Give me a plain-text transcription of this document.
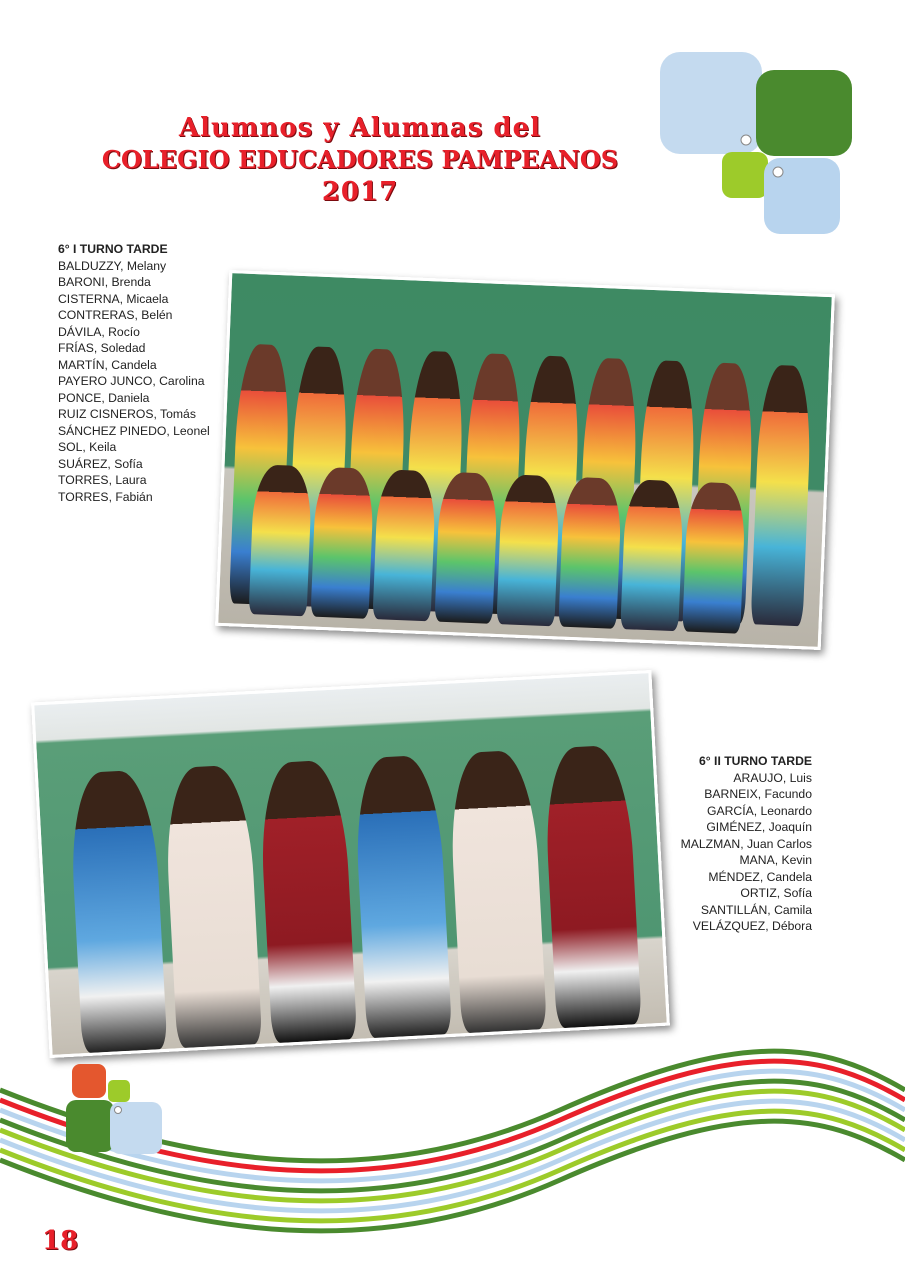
Alumnos y Alumnas del
COLEGIO EDUCADORES PAMPEANOS
2017
6° I TURNO TARDE
BALDUZZY, Melany
BARONI, Brenda
CISTERNA, Micaela
CONTRERAS, Belén
DÁVILA, Rocío
FRÍAS, Soledad
MARTÍN, Candela
PAYERO JUNCO, Carolina
PONCE, Daniela
RUIZ CISNEROS, Tomás
SÁNCHEZ PINEDO, Leonel
SOL, Keila
SUÁREZ, Sofía
TORRES, Laura
TORRES, Fabián
6° II TURNO TARDE
ARAUJO, Luis
BARNEIX, Facundo
GARCÍA, Leonardo
GIMÉNEZ, Joaquín
MALZMAN, Juan Carlos
MANA, Kevin
MÉNDEZ, Candela
ORTIZ, Sofía
SANTILLÁN, Camila
VELÁZQUEZ, Débora
18
